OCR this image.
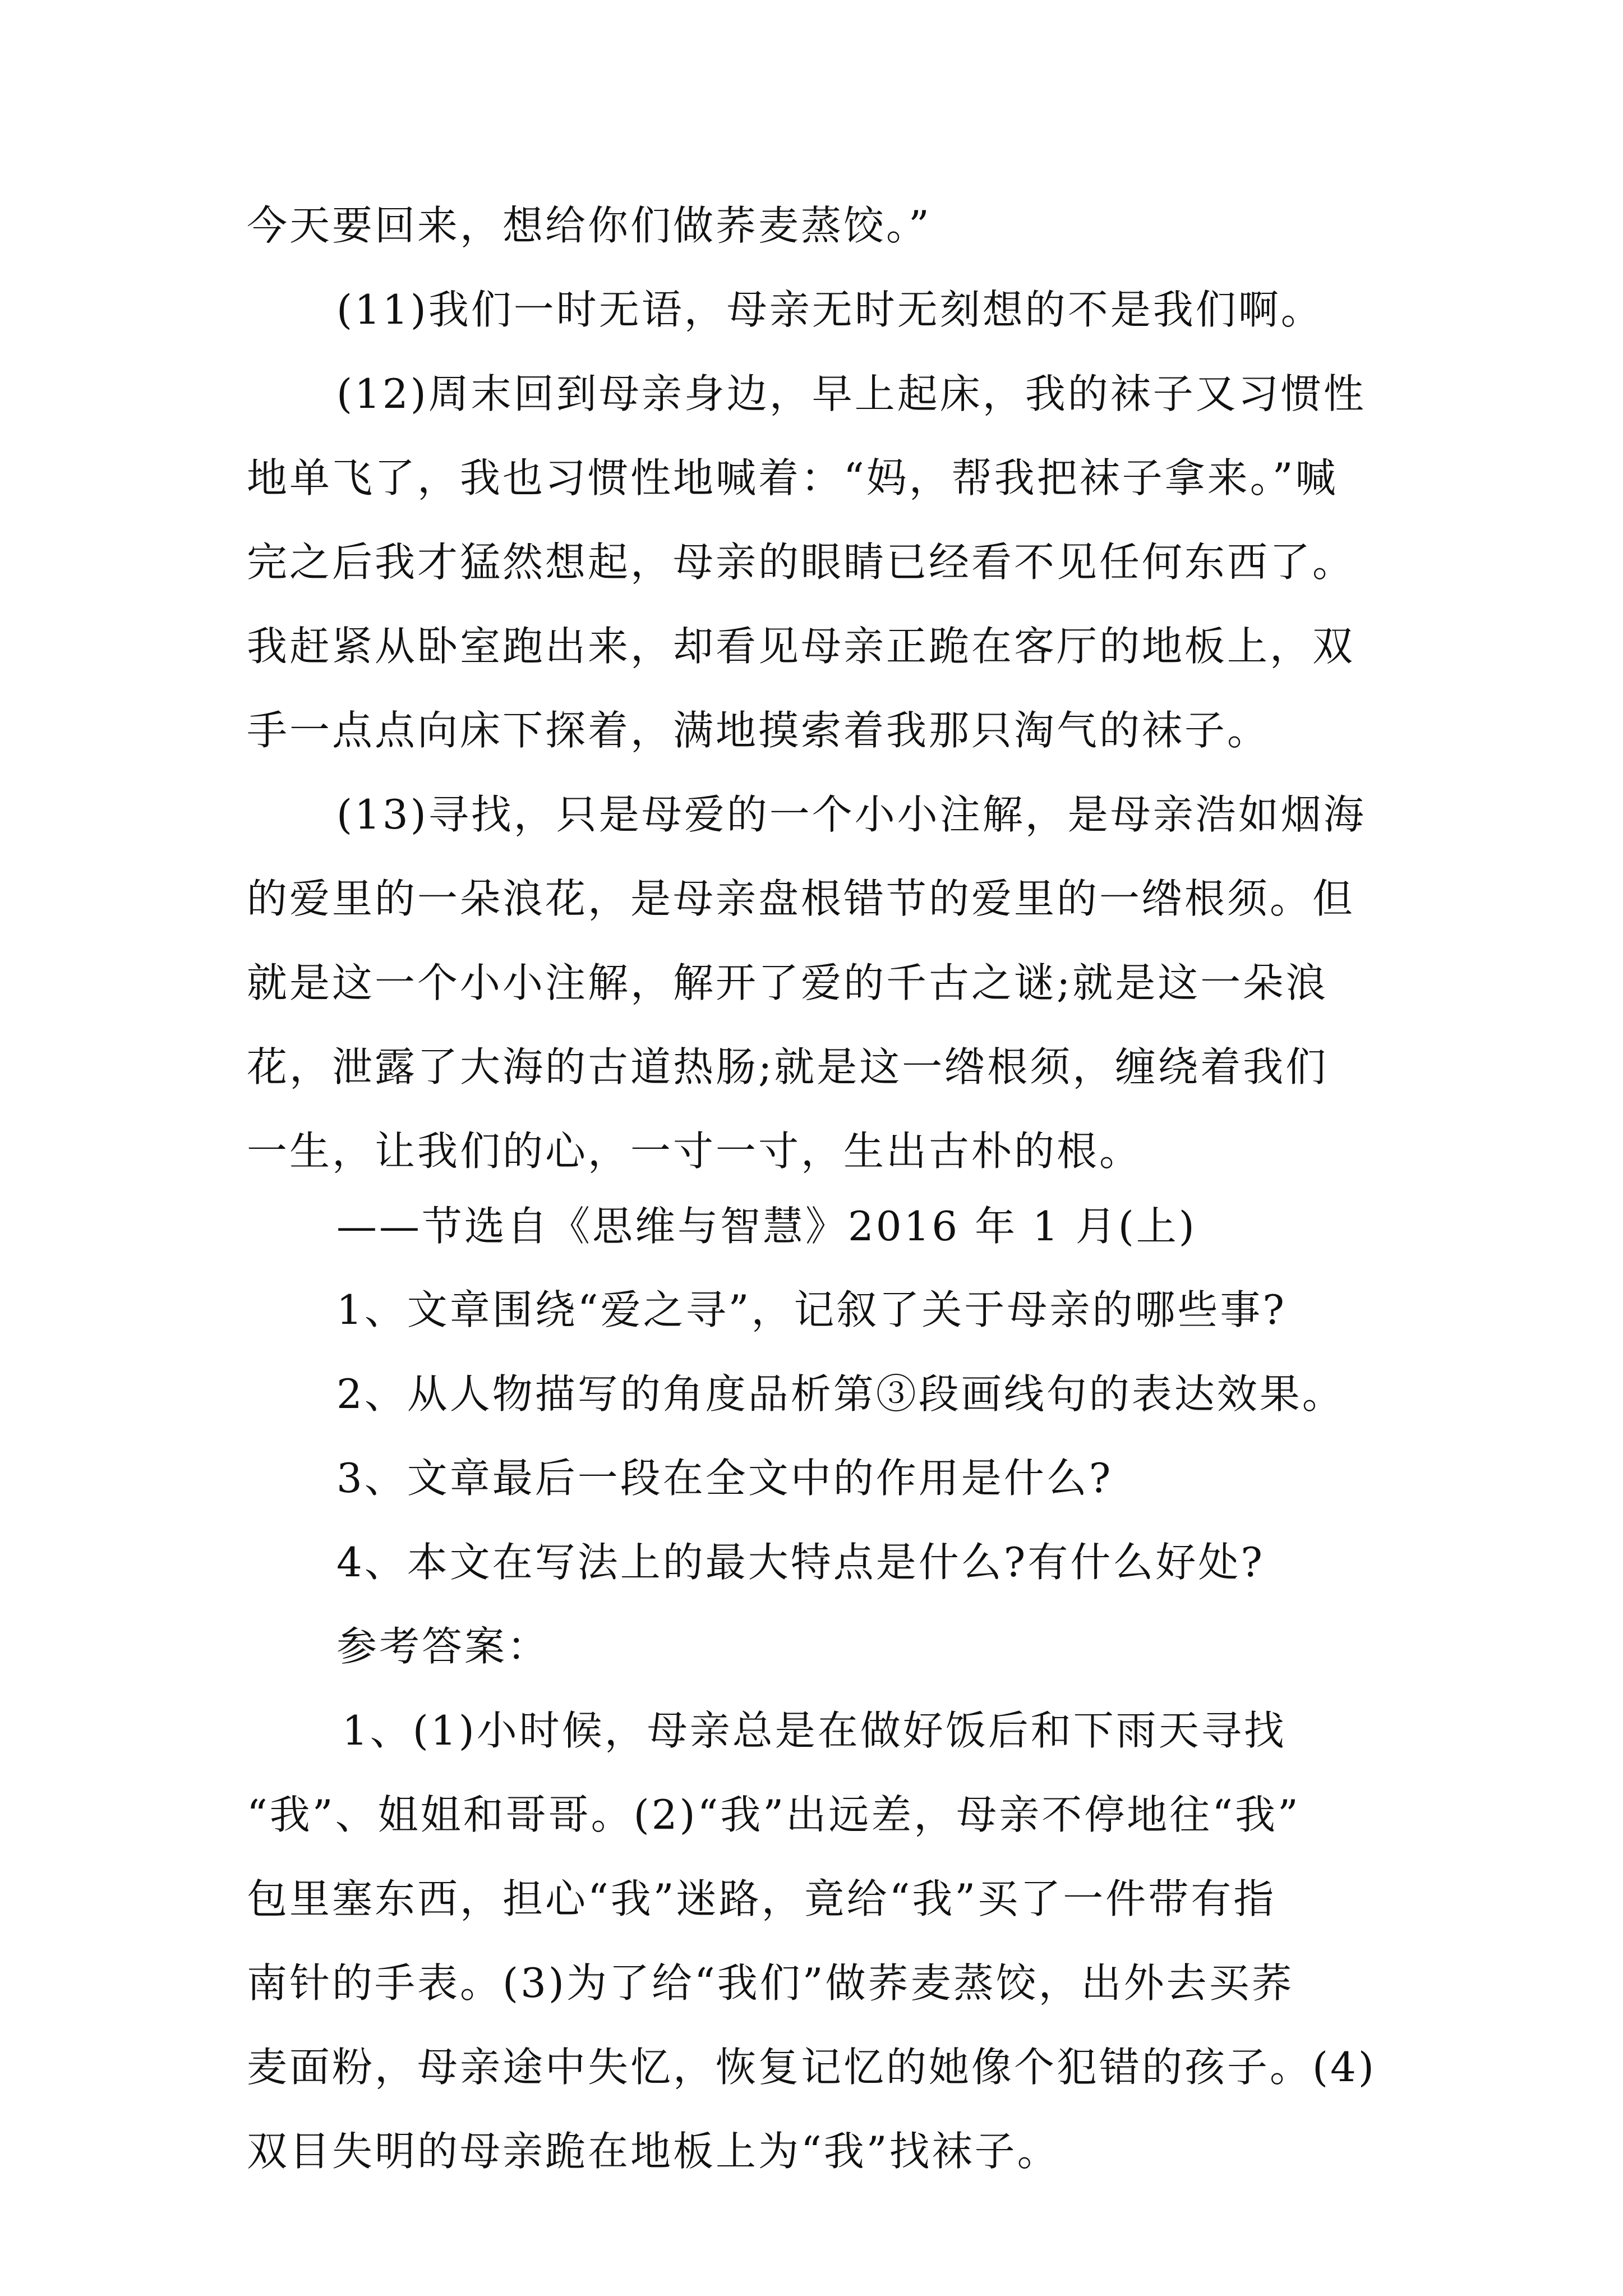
今天要回来，想给你们做荞麦蒸饺。”
(11)我们一时无语，母亲无时无刻想的不是我们啊。
(12)周末回到母亲身边，早上起床，我的袜子又习惯性
地单飞了，我也习惯性地喊着：“妈，帮我把袜子拿来。”喊
完之后我才猛然想起，母亲的眼睛已经看不见任何东西了。
我赶紧从卧室跑出来，却看见母亲正跪在客厅的地板上，双
手一点点向床下探着，满地摸索着我那只淘气的袜子。
(13)寻找，只是母爱的一个小小注解，是母亲浩如烟海
的爱里的一朵浪花，是母亲盘根错节的爱里的一绺根须。但
就是这一个小小注解，解开了爱的千古之谜;就是这一朵浪
花，泄露了大海的古道热肠;就是这一绺根须，缠绕着我们
一生，让我们的心，一寸一寸，生出古朴的根。
——节选自《思维与智慧》2016 年 1 月(上)
1、文章围绕“爱之寻”，记叙了关于母亲的哪些事?
2、从人物描写的角度品析第③段画线句的表达效果。
3、文章最后一段在全文中的作用是什么?
4、本文在写法上的最大特点是什么?有什么好处?
参考答案：
1、(1)小时候，母亲总是在做好饭后和下雨天寻找
“我”、姐姐和哥哥。(2)“我”出远差，母亲不停地往“我”
包里塞东西，担心“我”迷路，竟给“我”买了一件带有指
南针的手表。(3)为了给“我们”做荞麦蒸饺，出外去买荞
麦面粉，母亲途中失忆，恢复记忆的她像个犯错的孩子。(4)
双目失明的母亲跪在地板上为“我”找袜子。
